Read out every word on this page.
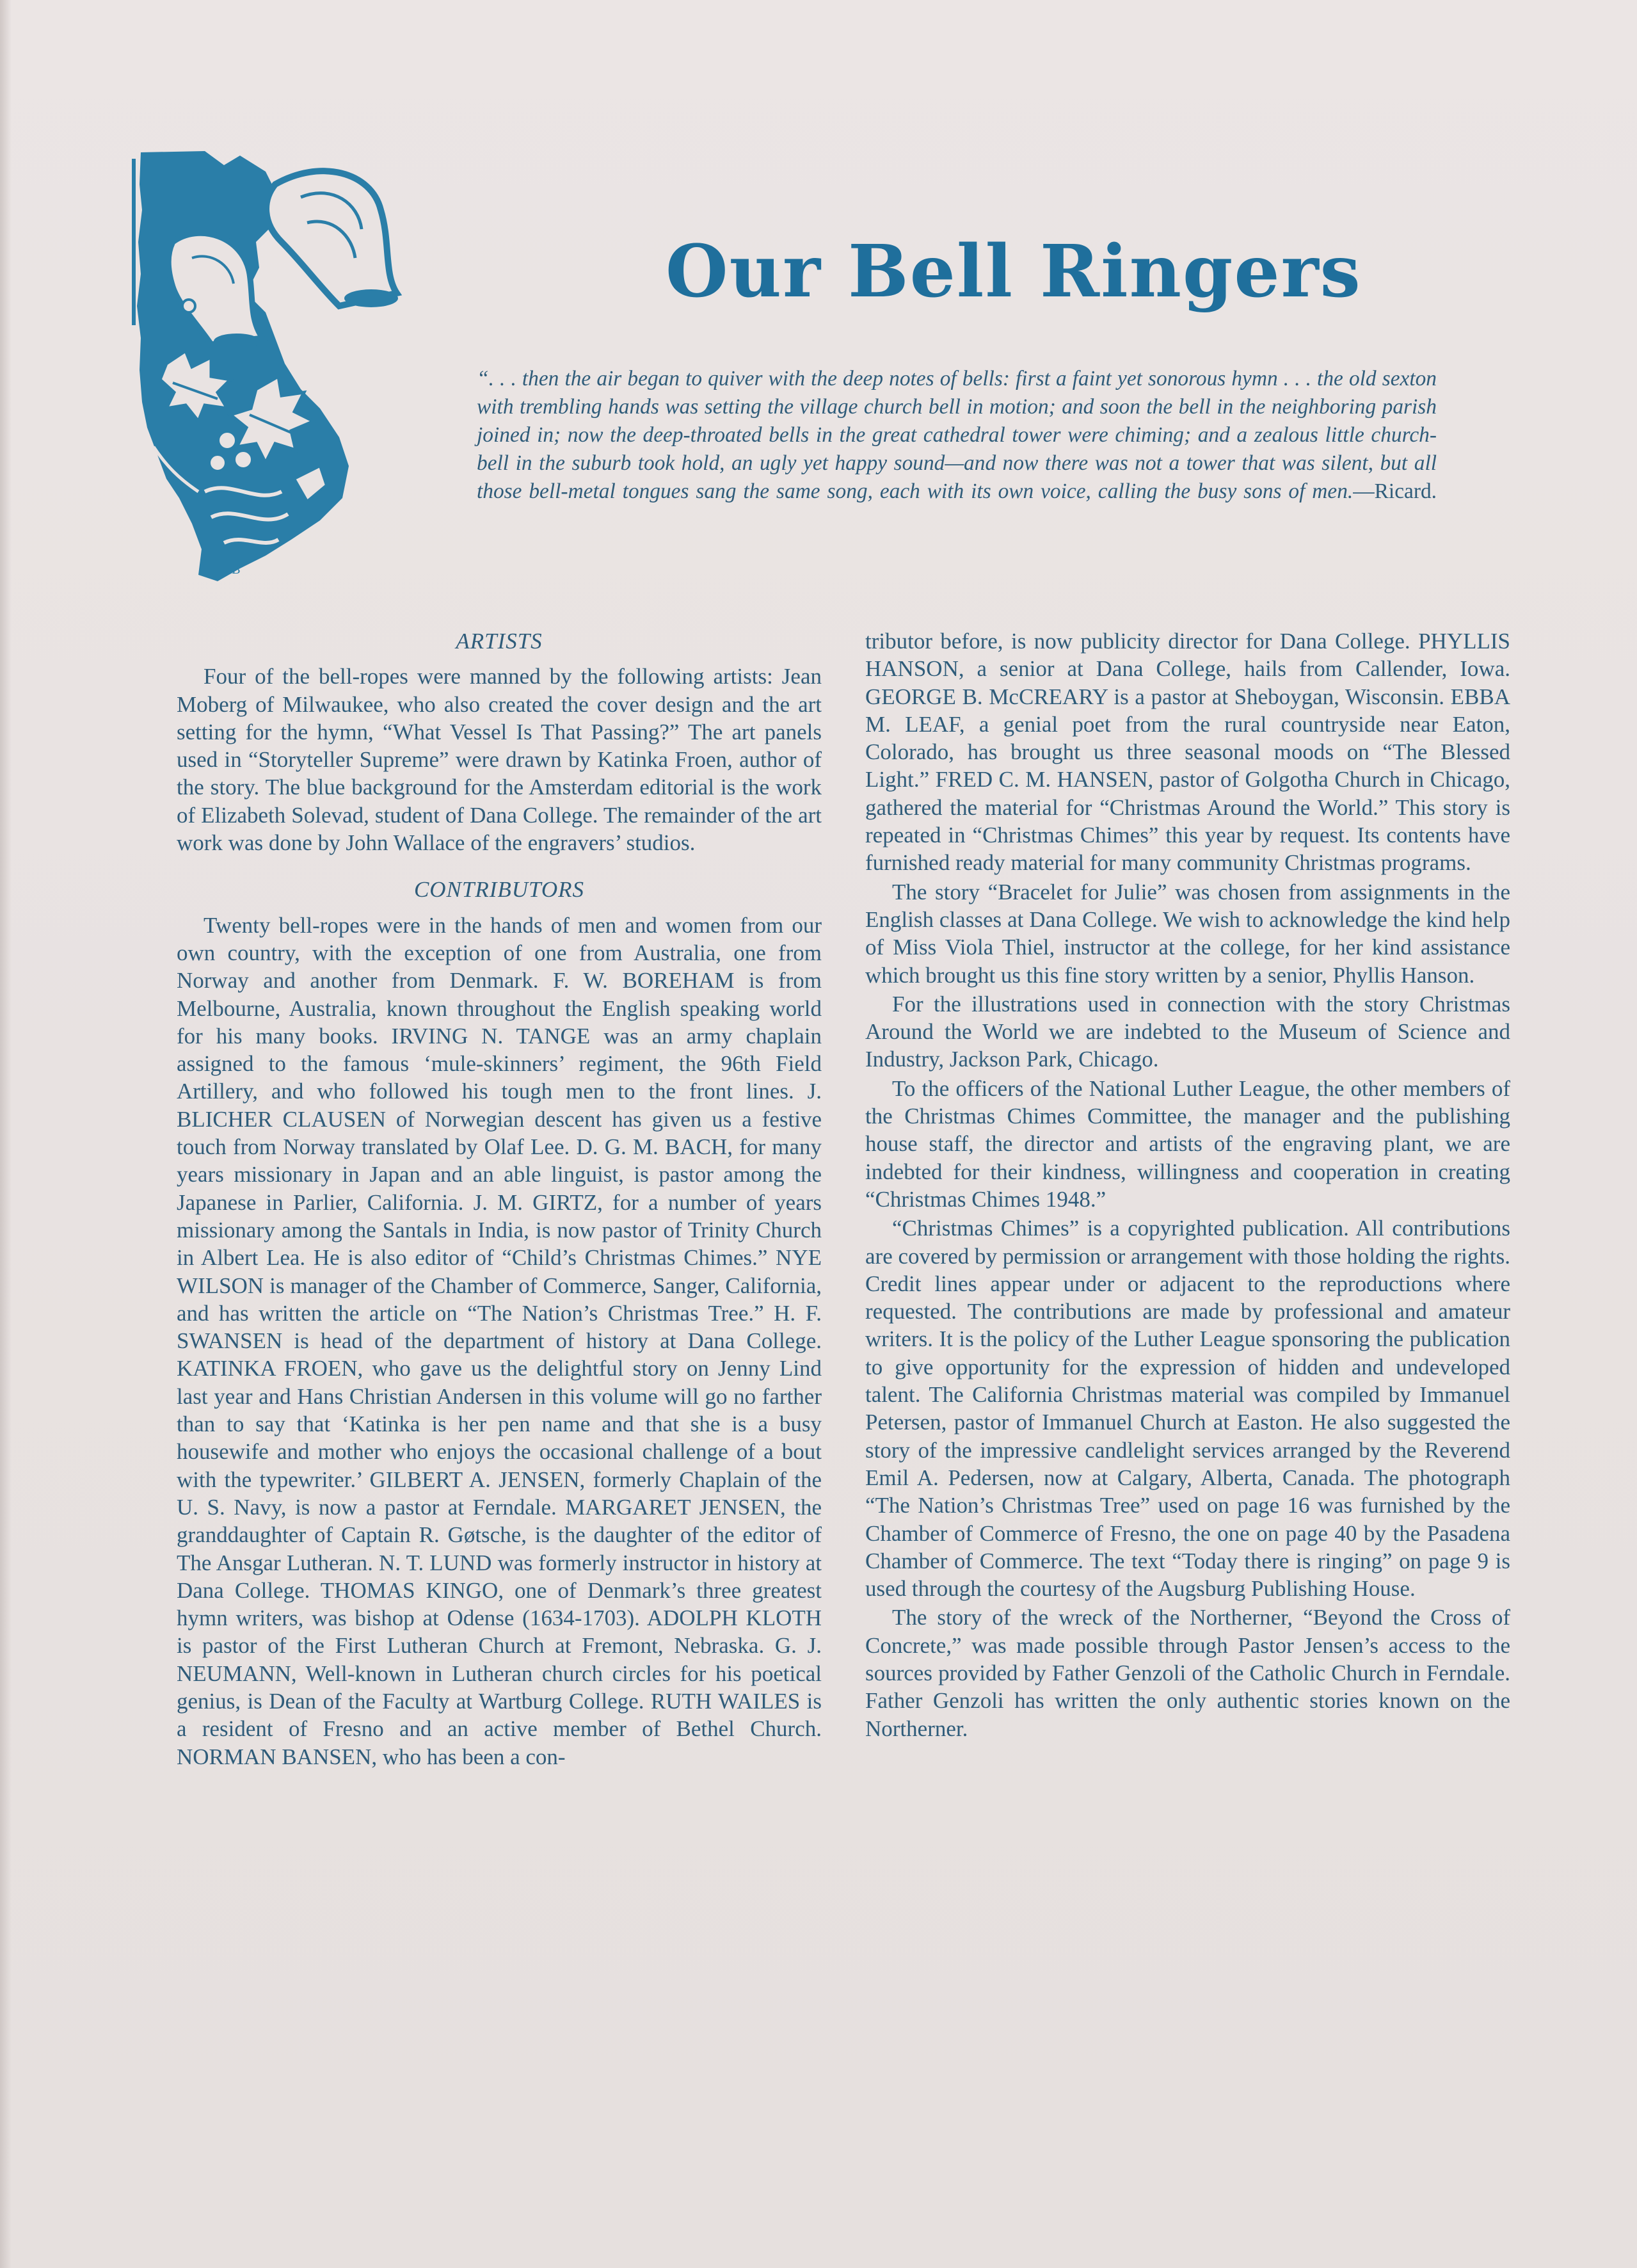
EB
Our Bell Ringers

“. . . then the air began to quiver with the deep notes of bells: first a faint yet sonorous hymn . . . the old sexton with trembling hands was setting the village church bell in motion; and soon the bell in the neighboring parish joined in; now the deep-throated bells in the great cathedral tower were chiming; and a zealous little church-bell in the suburb took hold, an ugly yet happy sound—and now there was not a tower that was silent, but all those bell-metal tongues sang the same song, each with its own voice, calling the busy sons of men.—Ricard.

ARTISTS

Four of the bell-ropes were manned by the following artists: Jean Moberg of Milwaukee, who also created the cover design and the art setting for the hymn, “What Vessel Is That Passing?” The art panels used in “Storyteller Supreme” were drawn by Katinka Froen, author of the story. The blue background for the Amsterdam editorial is the work of Elizabeth Solevad, student of Dana College. The remainder of the art work was done by John Wallace of the engravers’ studios.

CONTRIBUTORS

Twenty bell-ropes were in the hands of men and women from our own country, with the exception of one from Australia, one from Norway and another from Denmark. F. W. BOREHAM is from Melbourne, Australia, known throughout the English speaking world for his many books. IRVING N. TANGE was an army chaplain assigned to the famous ‘mule-skinners’ regiment, the 96th Field Artillery, and who followed his tough men to the front lines. J. BLICHER CLAUSEN of Norwegian descent has given us a festive touch from Norway translated by Olaf Lee. D. G. M. BACH, for many years missionary in Japan and an able linguist, is pastor among the Japanese in Parlier, California. J. M. GIRTZ, for a number of years missionary among the Santals in India, is now pastor of Trinity Church in Albert Lea. He is also editor of “Child’s Christmas Chimes.” NYE WILSON is manager of the Chamber of Commerce, Sanger, California, and has written the article on “The Nation’s Christmas Tree.” H. F. SWANSEN is head of the department of history at Dana College. KATINKA FROEN, who gave us the delightful story on Jenny Lind last year and Hans Christian Andersen in this volume will go no farther than to say that ‘Katinka is her pen name and that she is a busy housewife and mother who enjoys the occasional challenge of a bout with the typewriter.’ GILBERT A. JENSEN, formerly Chaplain of the U. S. Navy, is now a pastor at Ferndale. MARGARET JENSEN, the granddaughter of Captain R. Gøtsche, is the daughter of the editor of The Ansgar Lutheran. N. T. LUND was formerly instructor in history at Dana College. THOMAS KINGO, one of Denmark’s three greatest hymn writers, was bishop at Odense (1634-1703). ADOLPH KLOTH is pastor of the First Lutheran Church at Fremont, Nebraska. G. J. NEUMANN, Well-known in Lutheran church circles for his poetical genius, is Dean of the Faculty at Wartburg College. RUTH WAILES is a resident of Fresno and an active member of Bethel Church. NORMAN BANSEN, who has been a con-

tributor before, is now publicity director for Dana College. PHYLLIS HANSON, a senior at Dana College, hails from Callender, Iowa. GEORGE B. McCREARY is a pastor at Sheboygan, Wisconsin. EBBA M. LEAF, a genial poet from the rural countryside near Eaton, Colorado, has brought us three seasonal moods on “The Blessed Light.” FRED C. M. HANSEN, pastor of Golgotha Church in Chicago, gathered the material for “Christmas Around the World.” This story is repeated in “Christmas Chimes” this year by request. Its contents have furnished ready material for many community Christmas programs.

The story “Bracelet for Julie” was chosen from assignments in the English classes at Dana College. We wish to acknowledge the kind help of Miss Viola Thiel, instructor at the college, for her kind assistance which brought us this fine story written by a senior, Phyllis Hanson.

For the illustrations used in connection with the story Christmas Around the World we are indebted to the Museum of Science and Industry, Jackson Park, Chicago.

To the officers of the National Luther League, the other members of the Christmas Chimes Committee, the manager and the publishing house staff, the director and artists of the engraving plant, we are indebted for their kindness, willingness and cooperation in creating “Christmas Chimes 1948.”

“Christmas Chimes” is a copyrighted publication. All contributions are covered by permission or arrangement with those holding the rights. Credit lines appear under or adjacent to the reproductions where requested. The contributions are made by professional and amateur writers. It is the policy of the Luther League sponsoring the publication to give opportunity for the expression of hidden and undeveloped talent. The California Christmas material was compiled by Immanuel Petersen, pastor of Immanuel Church at Easton. He also suggested the story of the impressive candlelight services arranged by the Reverend Emil A. Pedersen, now at Calgary, Alberta, Canada. The photograph “The Nation’s Christmas Tree” used on page 16 was furnished by the Chamber of Commerce of Fresno, the one on page 40 by the Pasadena Chamber of Commerce. The text “Today there is ringing” on page 9 is used through the courtesy of the Augsburg Publishing House.

The story of the wreck of the Northerner, “Beyond the Cross of Concrete,” was made possible through Pastor Jensen’s access to the sources provided by Father Genzoli of the Catholic Church in Ferndale. Father Genzoli has written the only authentic stories known on the Northerner.
